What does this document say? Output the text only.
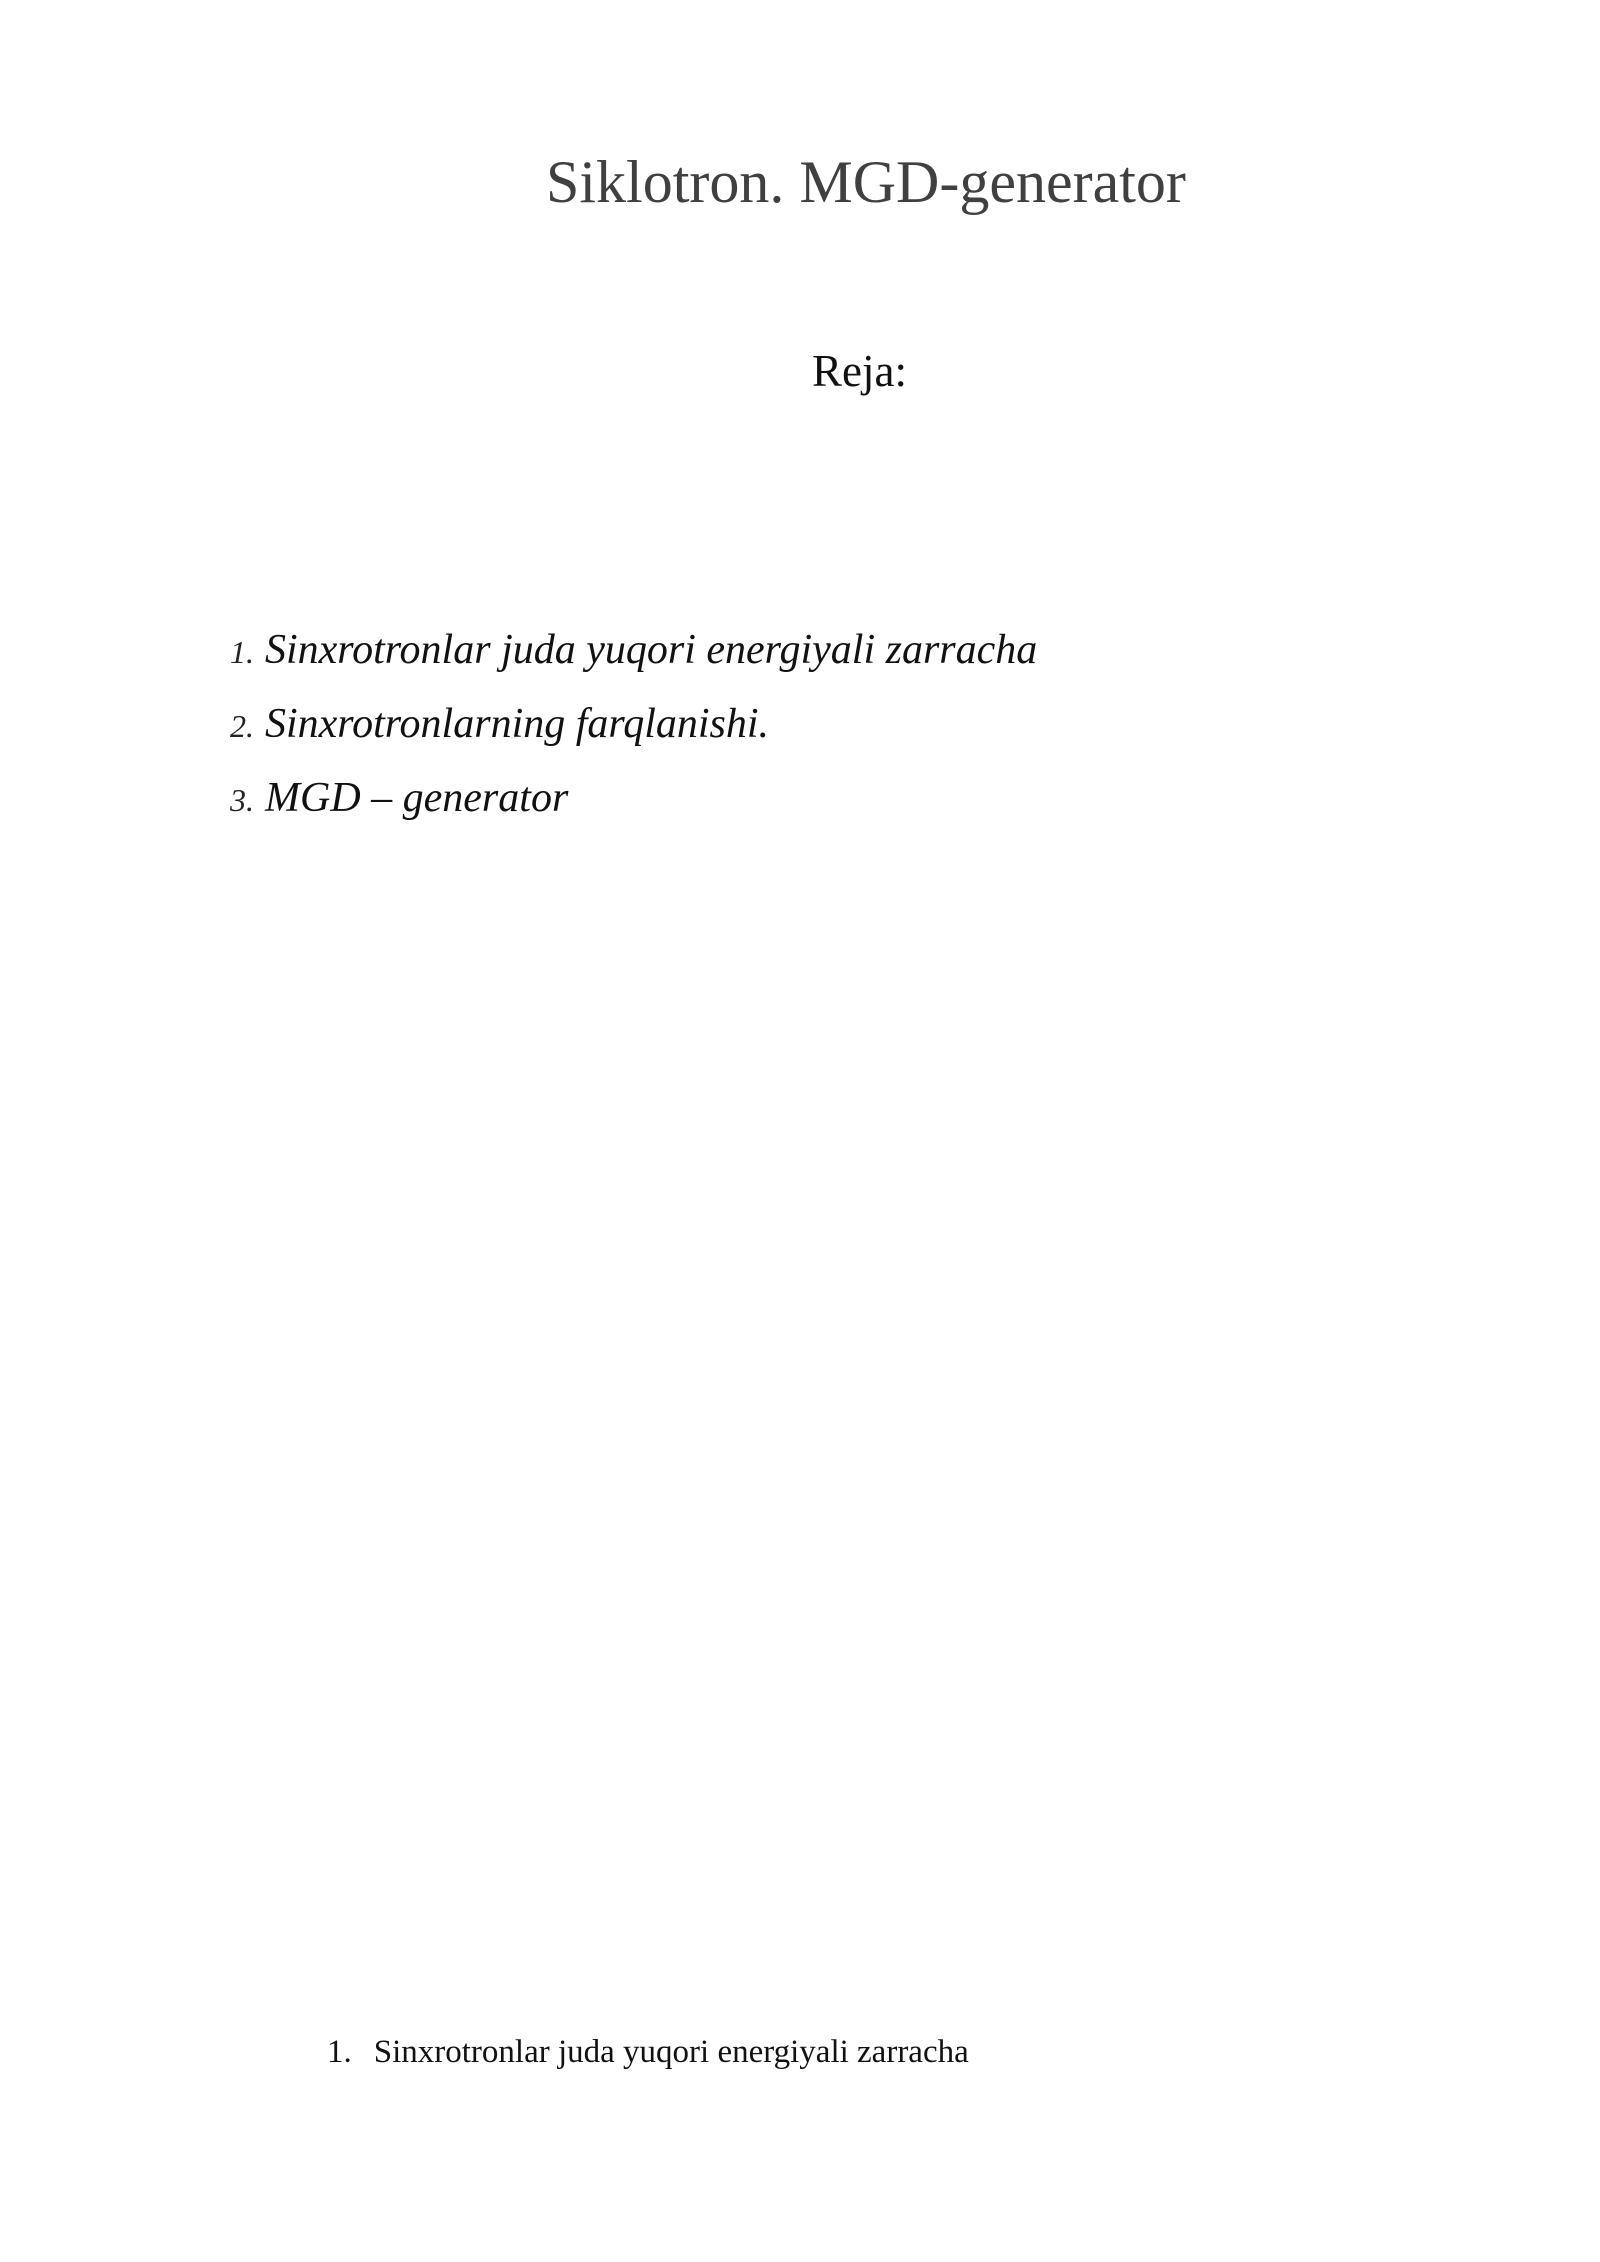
Siklotron. MGD-generator
Reja:
1. Sinxrotronlar juda yuqori energiyali zarracha
2. Sinxrotronlarning farqlanishi.
3. MGD – generator
1. Sinxrotronlar juda yuqori energiyali zarracha
